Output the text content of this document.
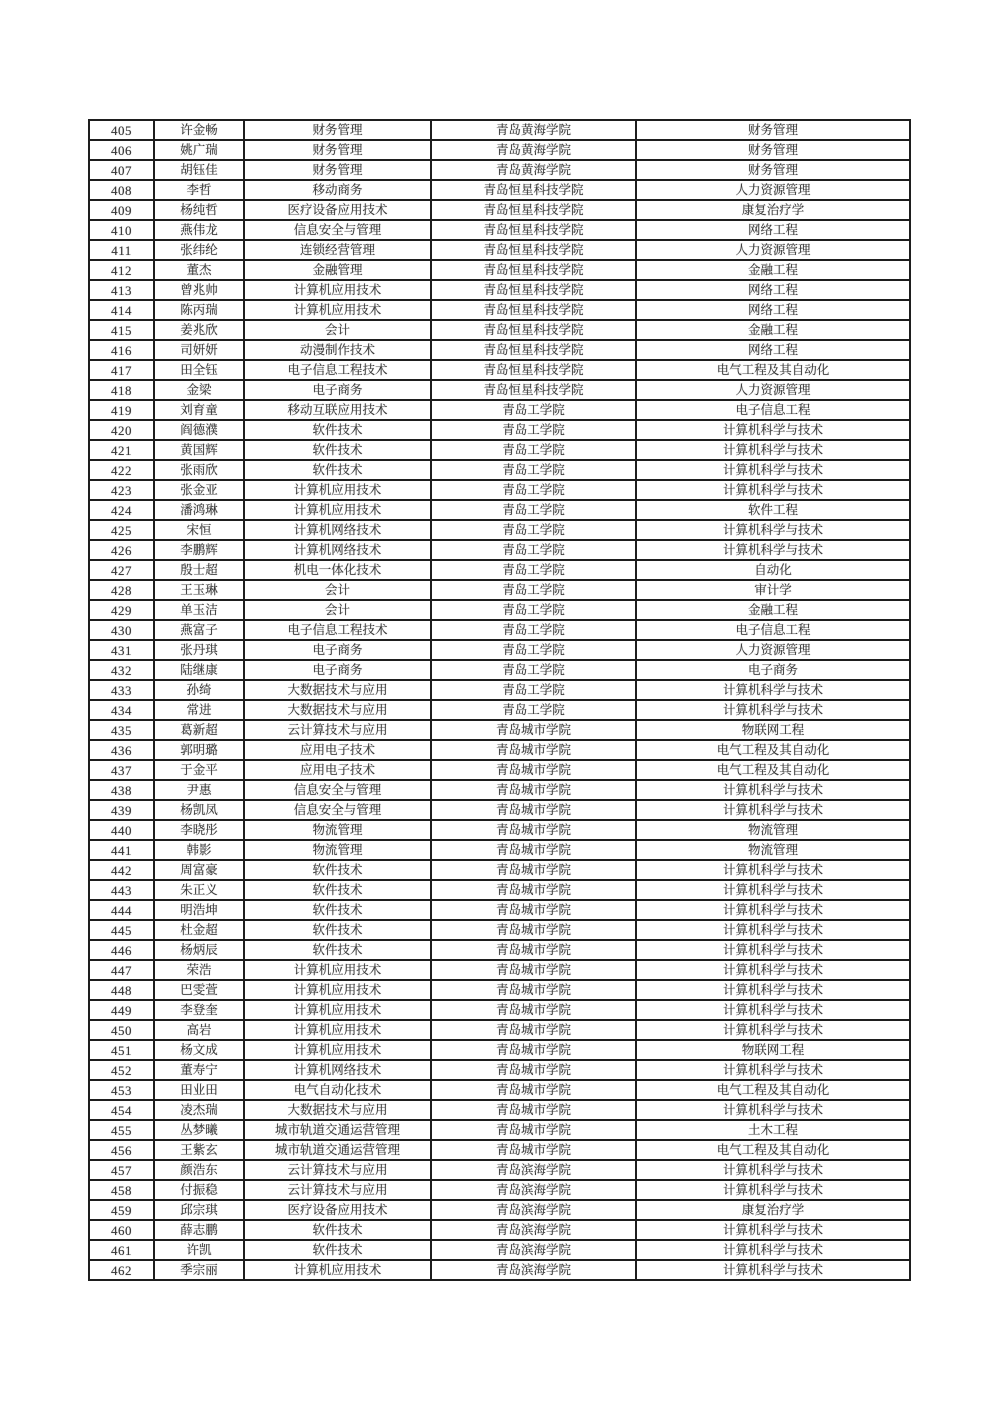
405	许金畅	财务管理	青岛黄海学院	财务管理
406	姚广瑞	财务管理	青岛黄海学院	财务管理
407	胡钰佳	财务管理	青岛黄海学院	财务管理
408	李哲	移动商务	青岛恒星科技学院	人力资源管理
409	杨纯哲	医疗设备应用技术	青岛恒星科技学院	康复治疗学
410	燕伟龙	信息安全与管理	青岛恒星科技学院	网络工程
411	张纬纶	连锁经营管理	青岛恒星科技学院	人力资源管理
412	董杰	金融管理	青岛恒星科技学院	金融工程
413	曾兆帅	计算机应用技术	青岛恒星科技学院	网络工程
414	陈丙瑞	计算机应用技术	青岛恒星科技学院	网络工程
415	姜兆欣	会计	青岛恒星科技学院	金融工程
416	司妍妍	动漫制作技术	青岛恒星科技学院	网络工程
417	田全钰	电子信息工程技术	青岛恒星科技学院	电气工程及其自动化
418	金梁	电子商务	青岛恒星科技学院	人力资源管理
419	刘育童	移动互联应用技术	青岛工学院	电子信息工程
420	阎德濮	软件技术	青岛工学院	计算机科学与技术
421	黄国辉	软件技术	青岛工学院	计算机科学与技术
422	张雨欣	软件技术	青岛工学院	计算机科学与技术
423	张金亚	计算机应用技术	青岛工学院	计算机科学与技术
424	潘鸿琳	计算机应用技术	青岛工学院	软件工程
425	宋恒	计算机网络技术	青岛工学院	计算机科学与技术
426	李鹏辉	计算机网络技术	青岛工学院	计算机科学与技术
427	殷士超	机电一体化技术	青岛工学院	自动化
428	王玉琳	会计	青岛工学院	审计学
429	单玉洁	会计	青岛工学院	金融工程
430	燕富子	电子信息工程技术	青岛工学院	电子信息工程
431	张丹琪	电子商务	青岛工学院	人力资源管理
432	陆继康	电子商务	青岛工学院	电子商务
433	孙绮	大数据技术与应用	青岛工学院	计算机科学与技术
434	常进	大数据技术与应用	青岛工学院	计算机科学与技术
435	葛新超	云计算技术与应用	青岛城市学院	物联网工程
436	郭明璐	应用电子技术	青岛城市学院	电气工程及其自动化
437	于金平	应用电子技术	青岛城市学院	电气工程及其自动化
438	尹惠	信息安全与管理	青岛城市学院	计算机科学与技术
439	杨凯凤	信息安全与管理	青岛城市学院	计算机科学与技术
440	李晓彤	物流管理	青岛城市学院	物流管理
441	韩影	物流管理	青岛城市学院	物流管理
442	周富豪	软件技术	青岛城市学院	计算机科学与技术
443	朱正义	软件技术	青岛城市学院	计算机科学与技术
444	明浩坤	软件技术	青岛城市学院	计算机科学与技术
445	杜金超	软件技术	青岛城市学院	计算机科学与技术
446	杨炳辰	软件技术	青岛城市学院	计算机科学与技术
447	荣浩	计算机应用技术	青岛城市学院	计算机科学与技术
448	巴雯萱	计算机应用技术	青岛城市学院	计算机科学与技术
449	李登奎	计算机应用技术	青岛城市学院	计算机科学与技术
450	高岩	计算机应用技术	青岛城市学院	计算机科学与技术
451	杨文成	计算机应用技术	青岛城市学院	物联网工程
452	董寿宁	计算机网络技术	青岛城市学院	计算机科学与技术
453	田业田	电气自动化技术	青岛城市学院	电气工程及其自动化
454	凌杰瑞	大数据技术与应用	青岛城市学院	计算机科学与技术
455	丛梦曦	城市轨道交通运营管理	青岛城市学院	土木工程
456	王紫玄	城市轨道交通运营管理	青岛城市学院	电气工程及其自动化
457	颜浩东	云计算技术与应用	青岛滨海学院	计算机科学与技术
458	付振稳	云计算技术与应用	青岛滨海学院	计算机科学与技术
459	邱宗琪	医疗设备应用技术	青岛滨海学院	康复治疗学
460	薛志鹏	软件技术	青岛滨海学院	计算机科学与技术
461	许凯	软件技术	青岛滨海学院	计算机科学与技术
462	季宗丽	计算机应用技术	青岛滨海学院	计算机科学与技术
